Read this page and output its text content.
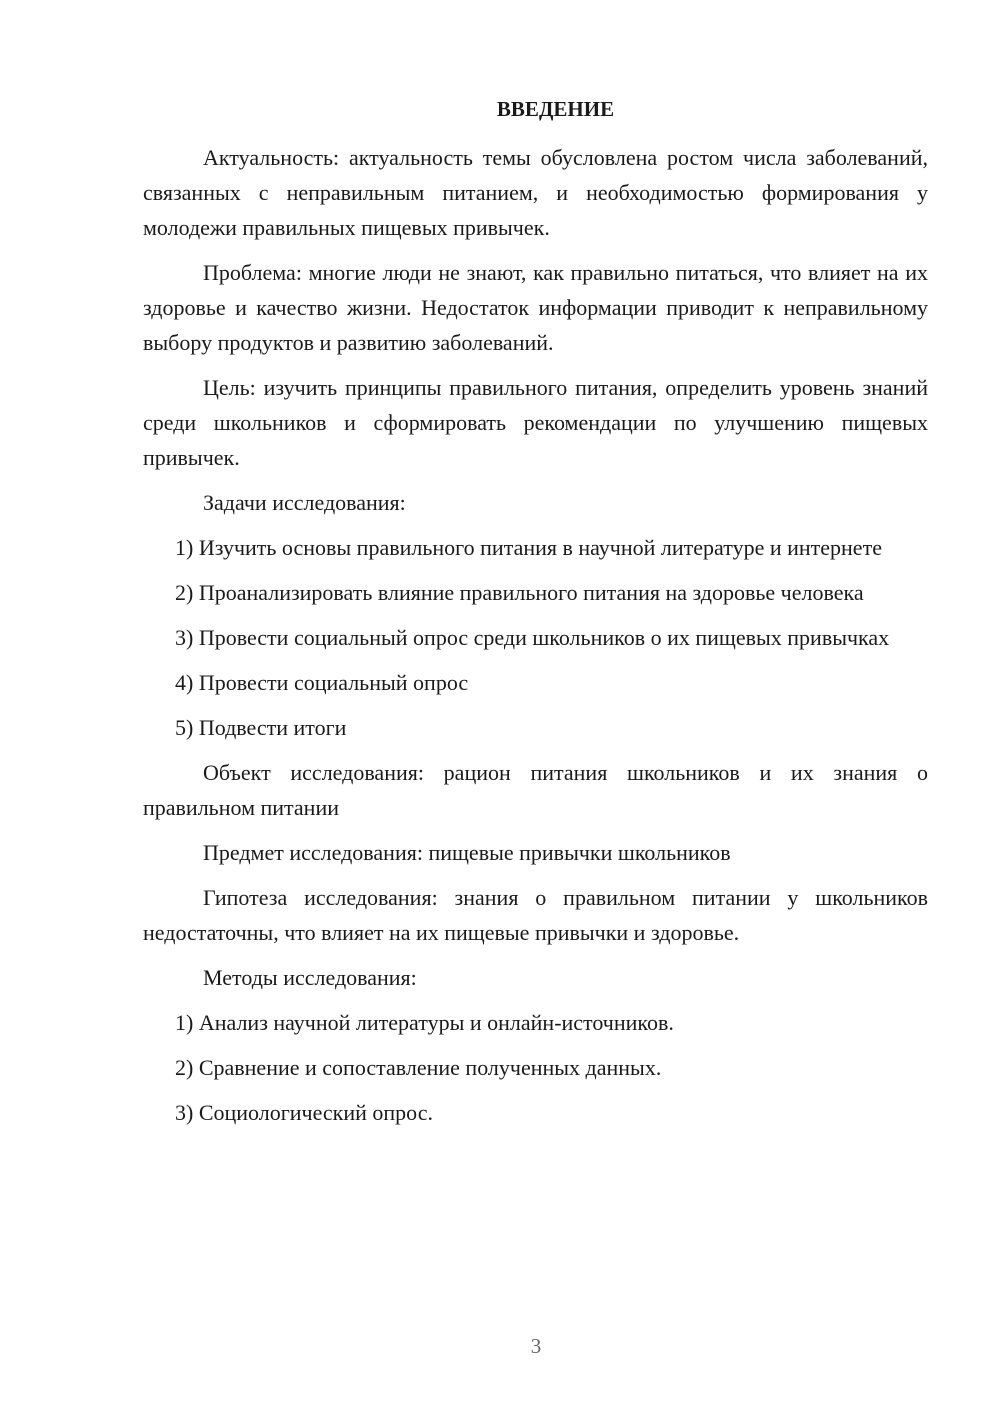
ВВЕДЕНИЕ

Актуальность: актуальность темы обусловлена ростом числа заболеваний, связанных с неправильным питанием, и необходимостью формирования у молодежи правильных пищевых привычек.

Проблема: многие люди не знают, как правильно питаться, что влияет на их здоровье и качество жизни. Недостаток информации приводит к неправильному выбору продуктов и развитию заболеваний.

Цель: изучить принципы правильного питания, определить уровень знаний среди школьников и сформировать рекомендации по улучшению пищевых привычек.

Задачи исследования:

1) Изучить основы правильного питания в научной литературе и интернете

2) Проанализировать влияние правильного питания на здоровье человека

3) Провести социальный опрос среди школьников о их пищевых привычках

4) Провести социальный опрос

5) Подвести итоги

Объект исследования: рацион питания школьников и их знания о правильном питании

Предмет исследования: пищевые привычки школьников

Гипотеза исследования: знания о правильном питании у школьников недостаточны, что влияет на их пищевые привычки и здоровье.

Методы исследования:

1) Анализ научной литературы и онлайн-источников.

2) Сравнение и сопоставление полученных данных.

3) Социологический опрос.

3
